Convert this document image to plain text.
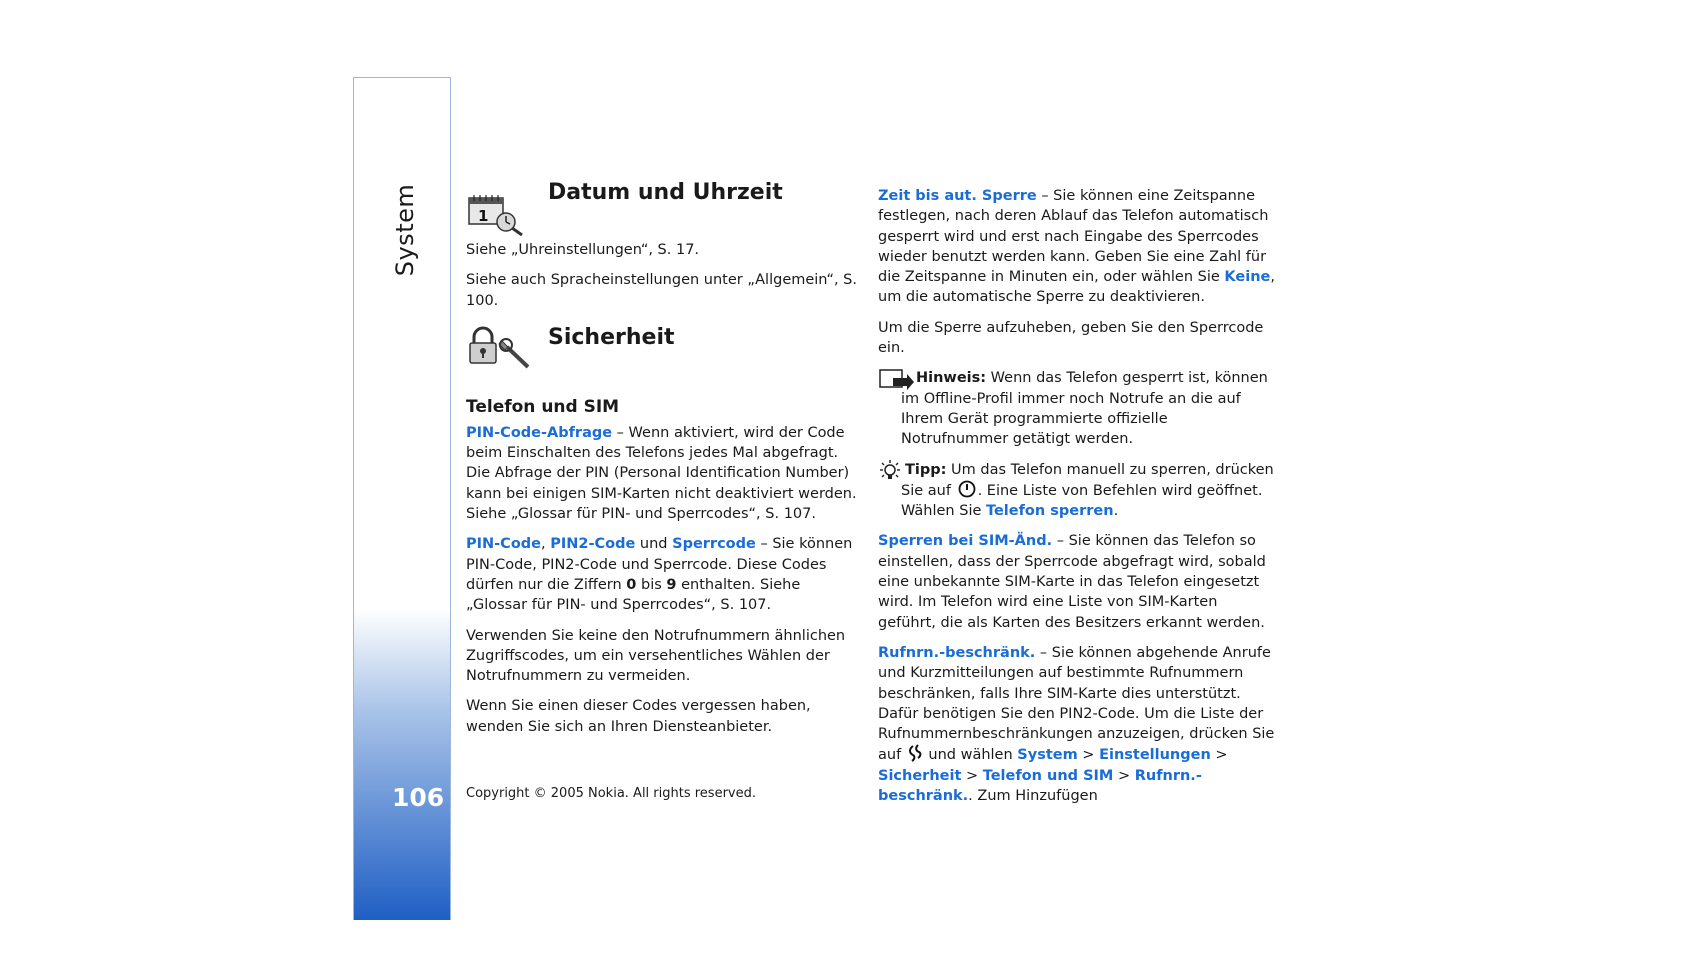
System
106
1
Datum und Uhrzeit

Siehe „Uhreinstellungen“, S. 17.

Siehe auch Spracheinstellungen unter „Allgemein“, S. 100.

Sicherheit
Telefon und SIM

PIN-Code-Abfrage – Wenn aktiviert, wird der Code beim Einschalten des Telefons jedes Mal abgefragt. Die Abfrage der PIN (Personal Identification Number) kann bei einigen SIM-Karten nicht deaktiviert werden. Siehe „Glossar für PIN- und Sperrcodes“, S. 107.

PIN-Code, PIN2-Code und Sperrcode – Sie können PIN-Code, PIN2-Code und Sperrcode. Diese Codes dürfen nur die Ziffern 0 bis 9 enthalten. Siehe „Glossar für PIN- und Sperrcodes“, S. 107.

Verwenden Sie keine den Notrufnummern ähnlichen Zugriffscodes, um ein versehentliches Wählen der Notrufnummern zu vermeiden.

Wenn Sie einen dieser Codes vergessen haben, wenden Sie sich an Ihren Diensteanbieter.

Zeit bis aut. Sperre – Sie können eine Zeitspanne festlegen, nach deren Ablauf das Telefon automatisch gesperrt wird und erst nach Eingabe des Sperrcodes wieder benutzt werden kann. Geben Sie eine Zahl für die Zeitspanne in Minuten ein, oder wählen Sie Keine, um die automatische Sperre zu deaktivieren.

Um die Sperre aufzuheben, geben Sie den Sperrcode ein.

Hinweis: Wenn das Telefon gesperrt ist, können im Offline-Profil immer noch Notrufe an die auf Ihrem Gerät programmierte offizielle Notrufnummer getätigt werden.

Tipp: Um das Telefon manuell zu sperren, drücken Sie auf . Eine Liste von Befehlen wird geöffnet. Wählen Sie Telefon sperren.

Sperren bei SIM-Änd. – Sie können das Telefon so einstellen, dass der Sperrcode abgefragt wird, sobald eine unbekannte SIM-Karte in das Telefon eingesetzt wird. Im Telefon wird eine Liste von SIM-Karten geführt, die als Karten des Besitzers erkannt werden.

Rufnrn.-beschränk. – Sie können abgehende Anrufe und Kurzmitteilungen auf bestimmte Rufnummern beschränken, falls Ihre SIM-Karte dies unterstützt. Dafür benötigen Sie den PIN2-Code. Um die Liste der Rufnummernbeschränkungen anzuzeigen, drücken Sie auf  und wählen System > Einstellungen > Sicherheit > Telefon und SIM > Rufnrn.-beschränk.. Zum Hinzufügen

Copyright © 2005 Nokia. All rights reserved.
